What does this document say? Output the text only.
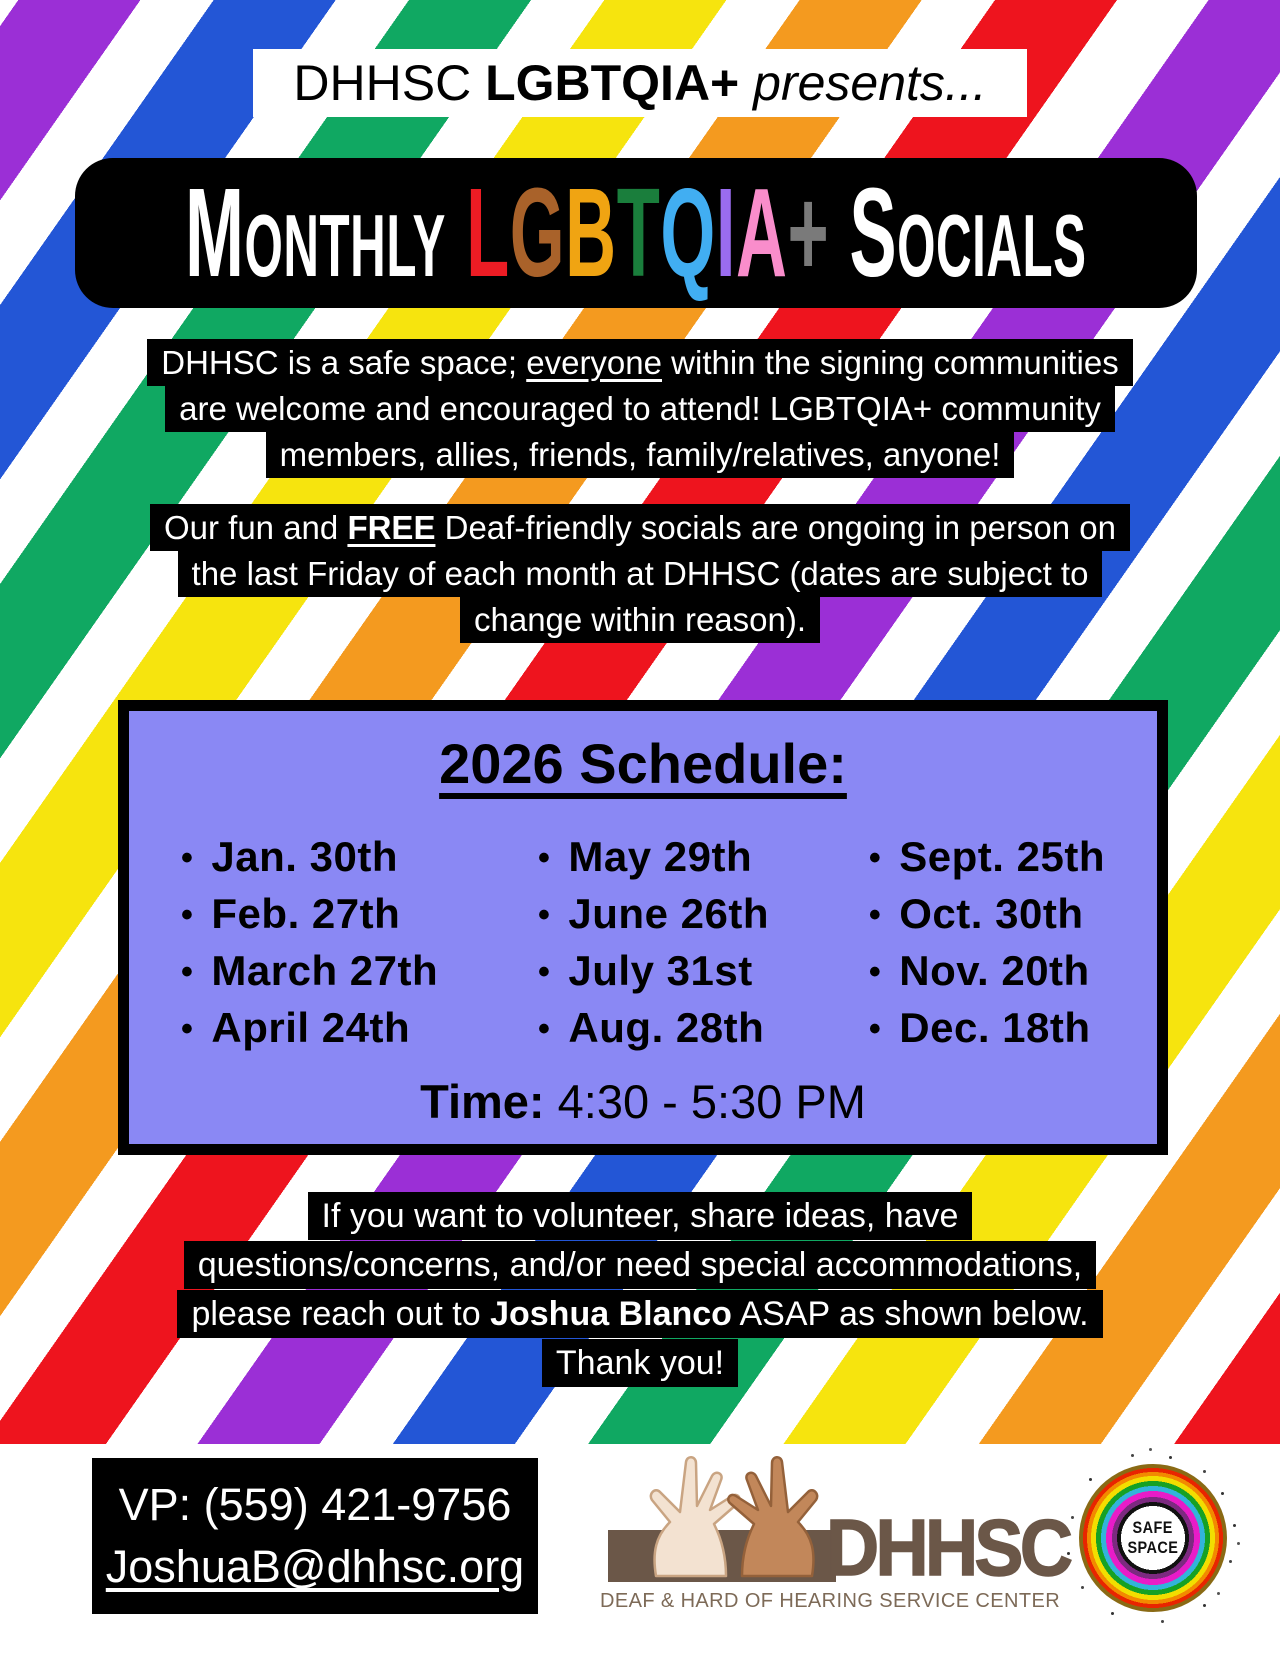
DHHSC LGBTQIA+ presents...
Monthly LGBTQIA+ Socials
DHHSC is a safe space; everyone within the signing communities
are welcome and encouraged to attend! LGBTQIA+ community
members, allies, friends, family/relatives, anyone!
Our fun and FREE Deaf-friendly socials are ongoing in person on
the last Friday of each month at DHHSC (dates are subject to
change within reason).
2026 Schedule:
• Jan. 30th
• Feb. 27th
• March 27th
• April 24th
• May 29th
• June 26th
• July 31st
• Aug. 28th
• Sept. 25th
• Oct. 30th
• Nov. 20th
• Dec. 18th
Time: 4:30 - 5:30 PM
If you want to volunteer, share ideas, have
questions/concerns, and/or need special accommodations,
please reach out to Joshua Blanco ASAP as shown below.
Thank you!
VP: (559) 421-9756
JoshuaB@dhhsc.org	DHHSC
DEAF & HARD OF HEARING SERVICE CENTER
SAFE
SPACE
